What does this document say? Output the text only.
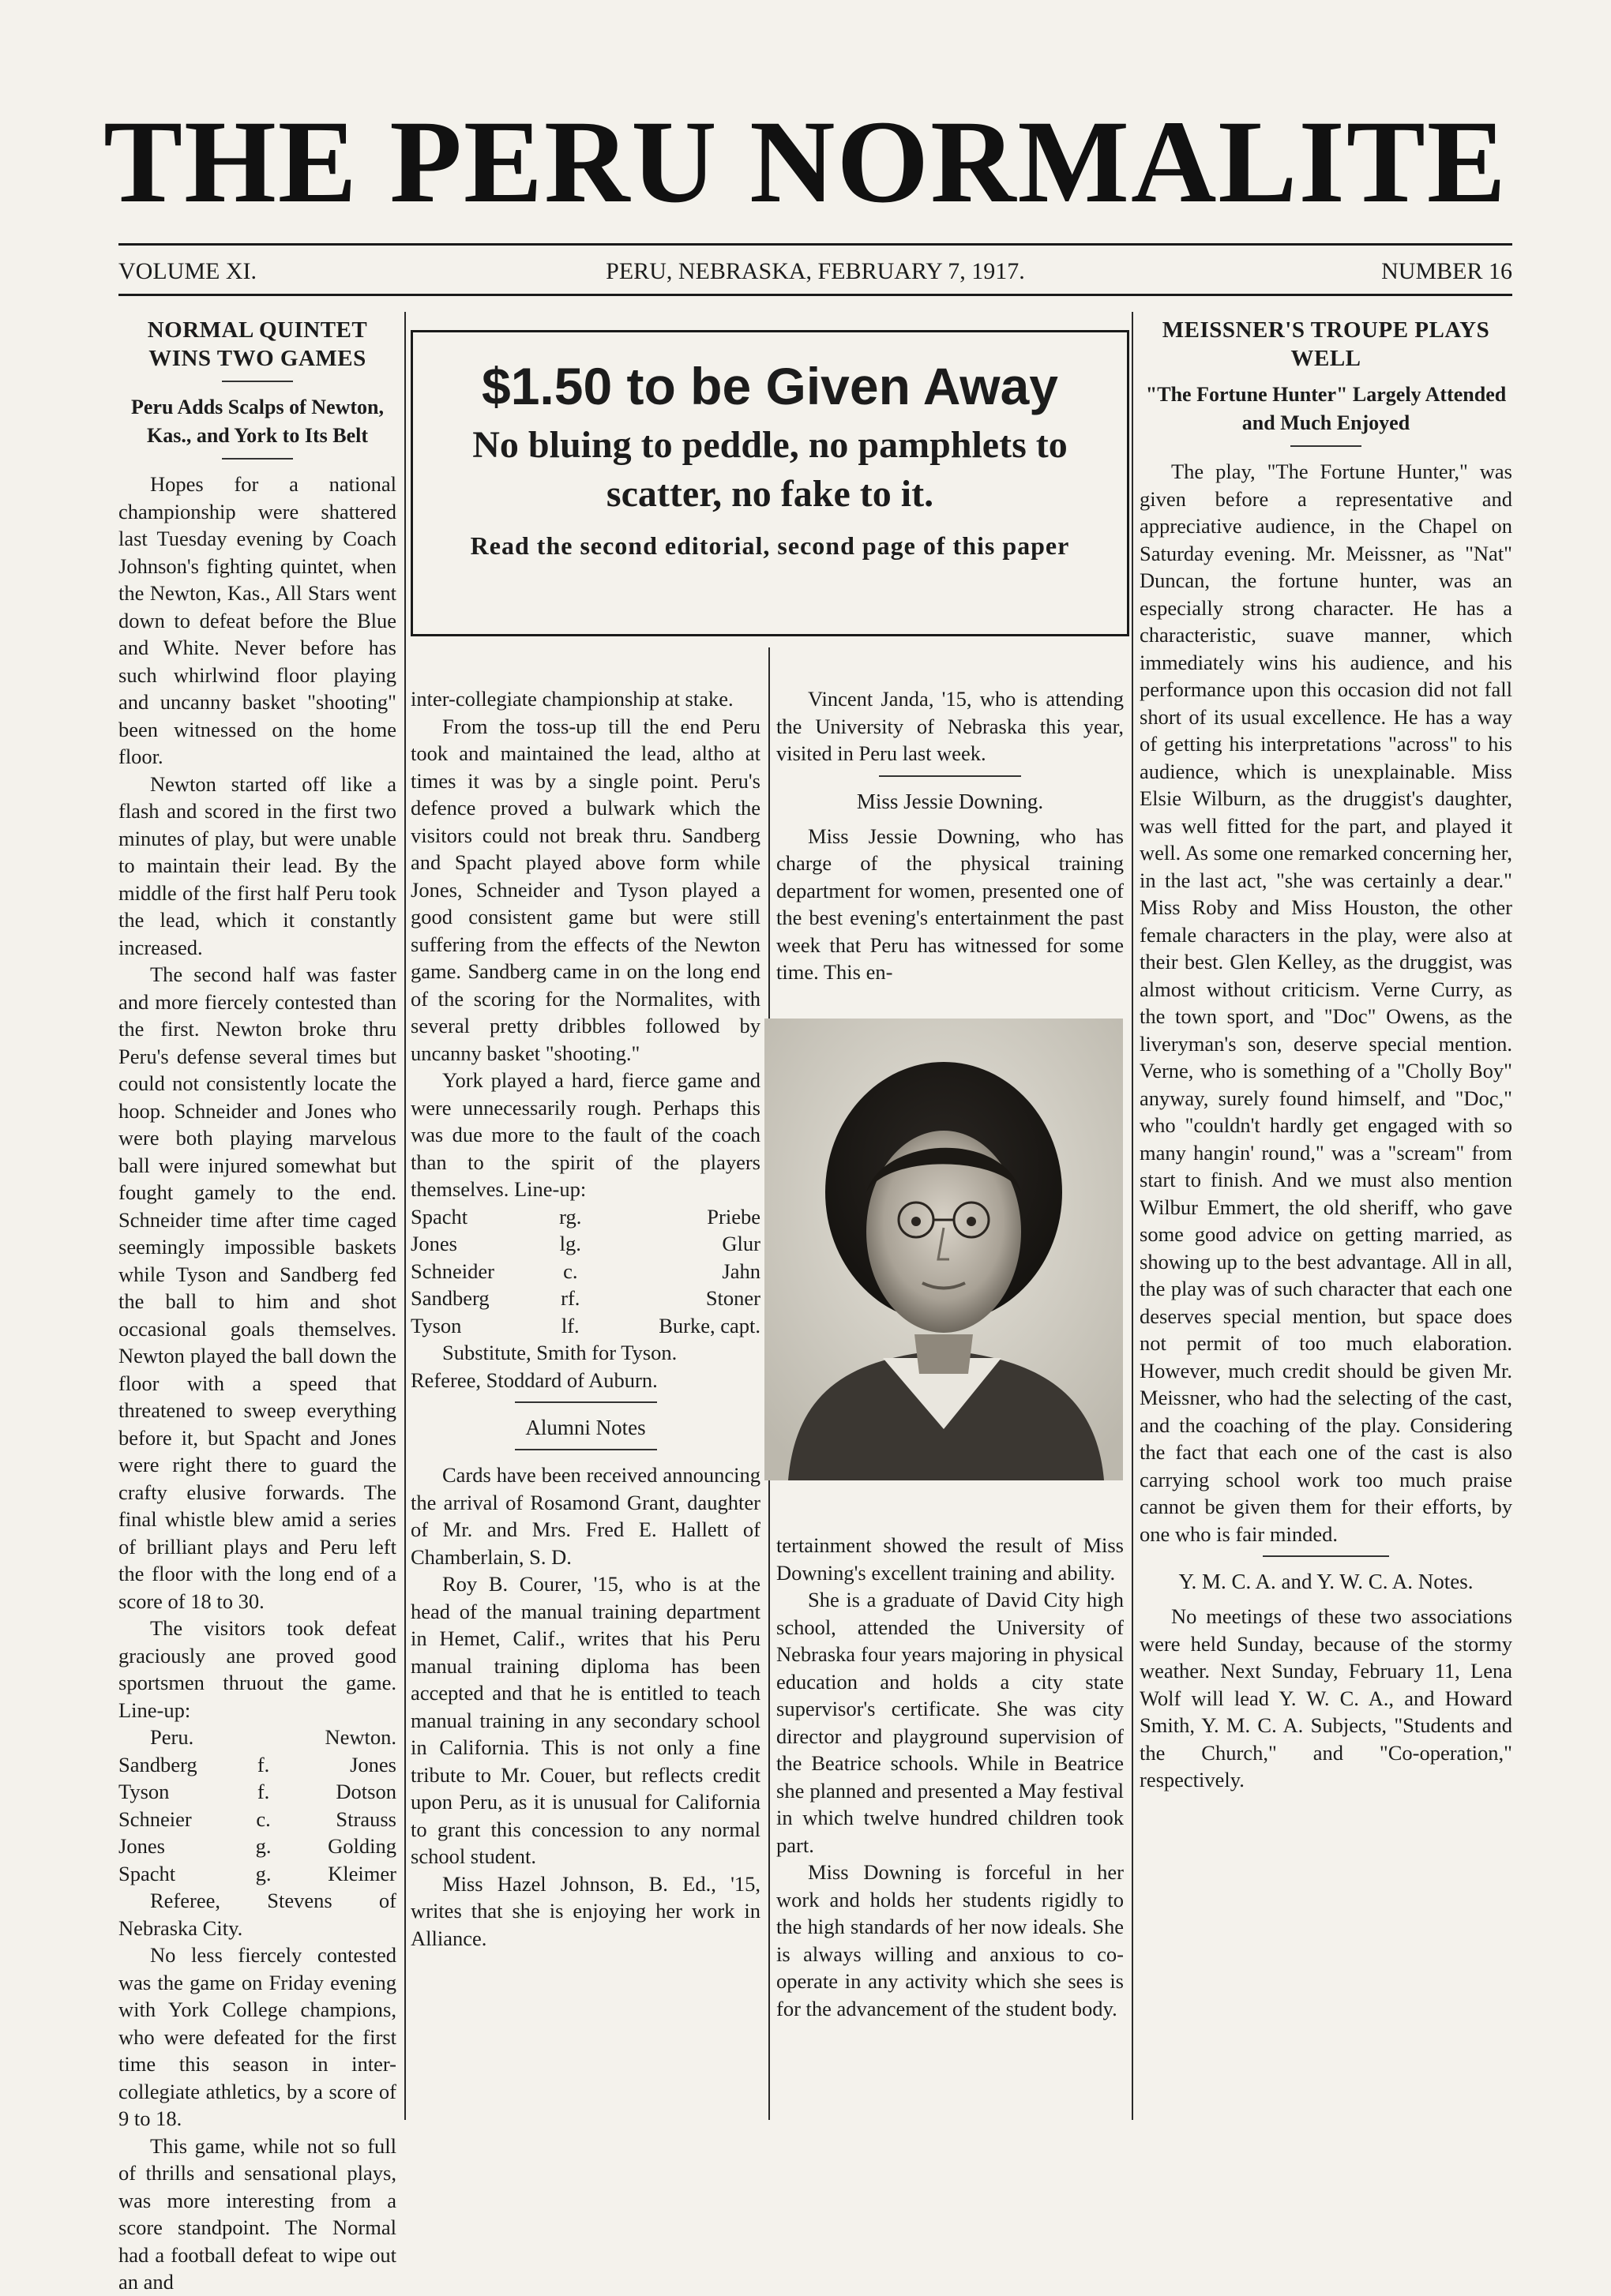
THE PERU NORMALITE
VOLUME XI.	PERU, NEBRASKA, FEBRUARY 7, 1917.	NUMBER 16
NORMAL QUINTET WINS TWO GAMES
Peru Adds Scalps of Newton, Kas., and York to Its Belt

Hopes for a national championship were shattered last Tuesday evening by Coach Johnson's fighting quintet, when the Newton, Kas., All Stars went down to defeat before the Blue and White. Never before has such whirlwind floor playing and uncanny basket "shooting" been witnessed on the home floor.

Newton started off like a flash and scored in the first two minutes of play, but were unable to maintain their lead. By the middle of the first half Peru took the lead, which it constantly increased.

The second half was faster and more fiercely contested than the first. Newton broke thru Peru's defense several times but could not consistently locate the hoop. Schneider and Jones who were both playing marvelous ball were injured somewhat but fought gamely to the end. Schneider time after time caged seemingly impossible baskets while Tyson and Sandberg fed the ball to him and shot occasional goals themselves. Newton played the ball down the floor with a speed that threatened to sweep everything before it, but Spacht and Jones were right there to guard the crafty elusive forwards. The final whistle blew amid a series of brilliant plays and Peru left the floor with the long end of a score of 18 to 30.

The visitors took defeat graciously ane proved good sportsmen thruout the game. Line-up:

Peru.		Newton.
Sandberg	f.	Jones
Tyson	f.	Dotson
Schneier	c.	Strauss
Jones	g.	Golding
Spacht	g.	Kleimer

Referee, Stevens of Nebraska City.

No less fiercely contested was the game on Friday evening with York College champions, who were defeated for the first time this season in inter-collegiate athletics, by a score of 9 to 18.

This game, while not so full of thrills and sensational plays, was more interesting from a score standpoint. The Normal had a football defeat to wipe out an and

$1.50 to be Given Away
No bluing to peddle, no pamphlets to scatter, no fake to it.
Read the second editorial, second page of this paper

inter-collegiate championship at stake.

From the toss-up till the end Peru took and maintained the lead, altho at times it was by a single point. Peru's defence proved a bulwark which the visitors could not break thru. Sandberg and Spacht played above form while Jones, Schneider and Tyson played a good consistent game but were still suffering from the effects of the Newton game. Sandberg came in on the long end of the scoring for the Normalites, with several pretty dribbles followed by uncanny basket "shooting."

York played a hard, fierce game and were unnecessarily rough. Perhaps this was due more to the fault of the coach than to the spirit of the players themselves. Line-up:

Spacht	rg.	Priebe
Jones	lg.	Glur
Schneider	c.	Jahn
Sandberg	rf.	Stoner
Tyson	lf.	Burke, capt.

Substitute, Smith for Tyson.

Referee, Stoddard of Auburn.

Alumni Notes

Cards have been received announcing the arrival of Rosamond Grant, daughter of Mr. and Mrs. Fred E. Hallett of Chamberlain, S. D.

Roy B. Courer, '15, who is at the head of the manual training department in Hemet, Calif., writes that his Peru manual training diploma has been accepted and that he is entitled to teach manual training in any secondary school in California. This is not only a fine tribute to Mr. Couer, but reflects credit upon Peru, as it is unusual for California to grant this concession to any normal school student.

Miss Hazel Johnson, B. Ed., '15, writes that she is enjoying her work in Alliance.

Vincent Janda, '15, who is attending the University of Nebraska this year, visited in Peru last week.

Miss Jessie Downing.

Miss Jessie Downing, who has charge of the physical training department for women, presented one of the best evening's entertainment the past week that Peru has witnessed for some time. This en-

tertainment showed the result of Miss Downing's excellent training and ability.

She is a graduate of David City high school, attended the University of Nebraska four years majoring in physical education and holds a city state supervisor's certificate. She was city director and playground supervision of the Beatrice schools. While in Beatrice she planned and presented a May festival in which twelve hundred children took part.

Miss Downing is forceful in her work and holds her students rigidly to the high standards of her now ideals. She is always willing and anxious to co-operate in any activity which she sees is for the advancement of the student body.

MEISSNER'S TROUPE PLAYS WELL
"The Fortune Hunter" Largely Attended and Much Enjoyed

The play, "The Fortune Hunter," was given before a representative and appreciative audience, in the Chapel on Saturday evening. Mr. Meissner, as "Nat" Duncan, the fortune hunter, was an especially strong character. He has a characteristic, suave manner, which immediately wins his audience, and his performance upon this occasion did not fall short of its usual excellence. He has a way of getting his interpretations "across" to his audience, which is unexplainable. Miss Elsie Wilburn, as the druggist's daughter, was well fitted for the part, and played it well. As some one remarked concerning her, in the last act, "she was certainly a dear." Miss Roby and Miss Houston, the other female characters in the play, were also at their best. Glen Kelley, as the druggist, was almost without criticism. Verne Curry, as the town sport, and "Doc" Owens, as the liveryman's son, deserve special mention. Verne, who is something of a "Cholly Boy" anyway, surely found himself, and "Doc," who "couldn't hardly get engaged with so many hangin' round," was a "scream" from start to finish. And we must also mention Wilbur Emmert, the old sheriff, who gave some good advice on getting married, as showing up to the best advantage. All in all, the play was of such character that each one deserves special mention, but space does not permit of too much elaboration. However, much credit should be given Mr. Meissner, who had the selecting of the cast, and the coaching of the play. Considering the fact that each one of the cast is also carrying school work too much praise cannot be given them for their efforts, by one who is fair minded.

Y. M. C. A. and Y. W. C. A. Notes.

No meetings of these two associations were held Sunday, because of the stormy weather. Next Sunday, February 11, Lena Wolf will lead Y. W. C. A., and Howard Smith, Y. M. C. A. Subjects, "Students and the Church," and "Co-operation," respectively.
